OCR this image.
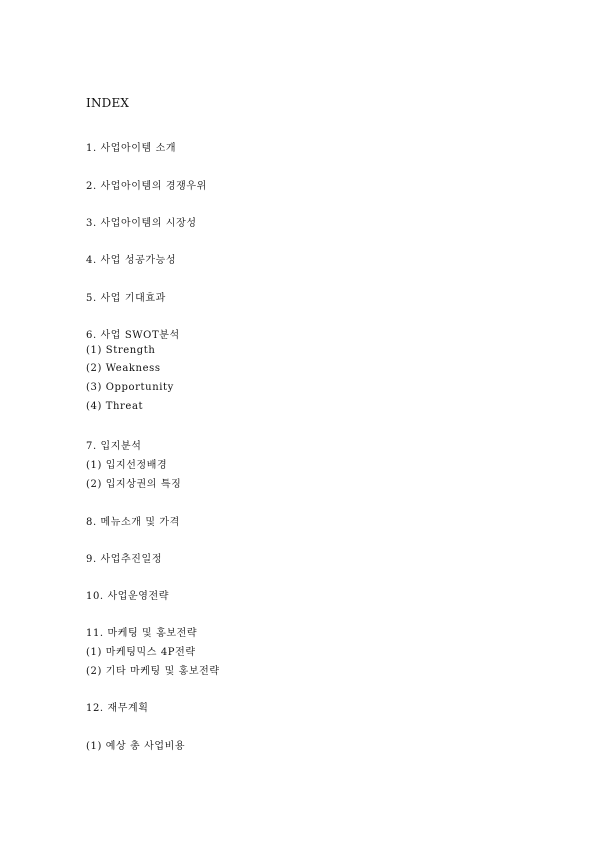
INDEX
1. 사업아이템 소개
2. 사업아이템의 경쟁우위
3. 사업아이템의 시장성
4. 사업 성공가능성
5. 사업 기대효과
6. 사업 SWOT분석
(1) Strength
(2) Weakness
(3) Opportunity
(4) Threat
7. 입지분석
(1) 입지선정배경
(2) 입지상권의 특징
8. 메뉴소개 및 가격
9. 사업추진일정
10. 사업운영전략
11. 마케팅 및 홍보전략
(1) 마케팅믹스 4P전략
(2) 기타 마케팅 및 홍보전략
12. 재무계획
(1) 예상 총 사업비용
